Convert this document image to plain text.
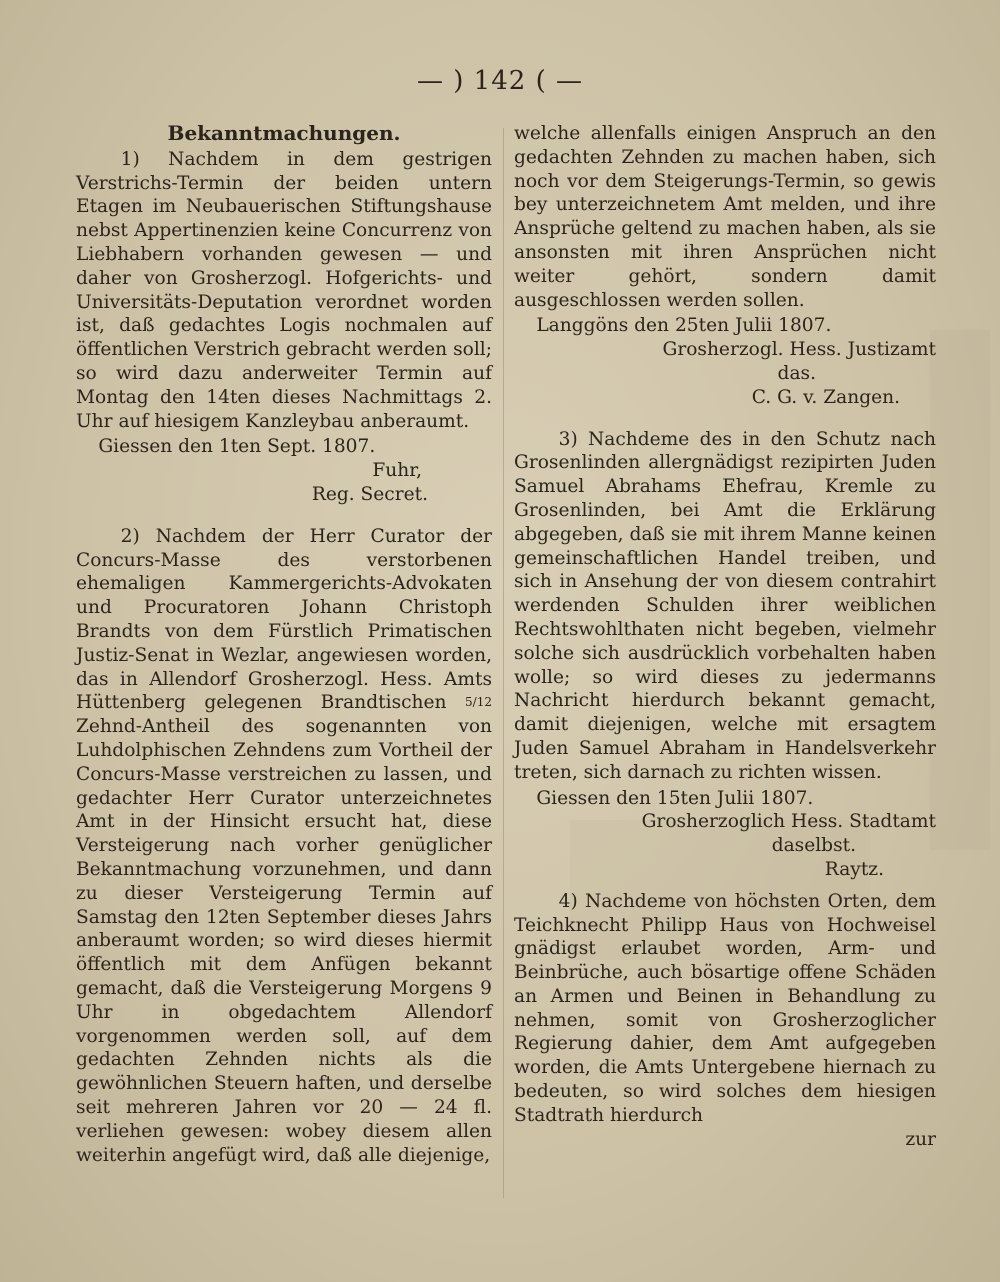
— ) 142 ( —
Bekanntmachungen.

1) Nachdem in dem gestrigen Verstrichs-Termin der beiden untern Etagen im Neubauerischen Stiftungshause nebst Appertinenzien keine Concurrenz von Liebhabern vorhanden gewesen — und daher von Grosherzogl. Hofgerichts- und Universitäts-Deputation verordnet worden ist, daß gedachtes Logis nochmalen auf öffentlichen Verstrich gebracht werden soll; so wird dazu anderweiter Termin auf Montag den 14ten dieses Nachmittags 2. Uhr auf hiesigem Kanzleybau anberaumt.

Giessen den 1ten Sept. 1807.

Fuhr,

Reg. Secret.

2) Nachdem der Herr Curator der Concurs-Masse des verstorbenen ehemaligen Kammergerichts-Advokaten und Procuratoren Johann Christoph Brandts von dem Fürstlich Primatischen Justiz-Senat in Wezlar, angewiesen worden, das in Allendorf Grosherzogl. Hess. Amts Hüttenberg gelegenen Brandtischen 5/12 Zehnd-Antheil des sogenannten von Luhdolphischen Zehndens zum Vortheil der Concurs-Masse verstreichen zu lassen, und gedachter Herr Curator unterzeichnetes Amt in der Hinsicht ersucht hat, diese Versteigerung nach vorher genüglicher Bekanntmachung vorzunehmen, und dann zu dieser Versteigerung Termin auf Samstag den 12ten September dieses Jahrs anberaumt worden; so wird dieses hiermit öffentlich mit dem Anfügen bekannt gemacht, daß die Versteigerung Morgens 9 Uhr in obgedachtem Allendorf vorgenommen werden soll, auf dem gedachten Zehnden nichts als die gewöhnlichen Steuern haften, und derselbe seit mehreren Jahren vor 20 — 24 fl. verliehen gewesen: wobey diesem allen weiterhin angefügt wird, daß alle diejenige,

welche allenfalls einigen Anspruch an den gedachten Zehnden zu machen haben, sich noch vor dem Steigerungs-Termin, so gewis bey unterzeichnetem Amt melden, und ihre Ansprüche geltend zu machen haben, als sie ansonsten mit ihren Ansprüchen nicht weiter gehört, sondern damit ausgeschlossen werden sollen.

Langgöns den 25ten Julii 1807.

Grosherzogl. Hess. Justizamt

das.

C. G. v. Zangen.

3) Nachdeme des in den Schutz nach Grosenlinden allergnädigst rezipirten Juden Samuel Abrahams Ehefrau, Kremle zu Grosenlinden, bei Amt die Erklärung abgegeben, daß sie mit ihrem Manne keinen gemeinschaftlichen Handel treiben, und sich in Ansehung der von diesem contrahirt werdenden Schulden ihrer weiblichen Rechtswohlthaten nicht begeben, vielmehr solche sich ausdrücklich vorbehalten haben wolle; so wird dieses zu jedermanns Nachricht hierdurch bekannt gemacht, damit diejenigen, welche mit ersagtem Juden Samuel Abraham in Handelsverkehr treten, sich darnach zu richten wissen.

Giessen den 15ten Julii 1807.

Grosherzoglich Hess. Stadtamt

daselbst.

Raytz.

4) Nachdeme von höchsten Orten, dem Teichknecht Philipp Haus von Hochweisel gnädigst erlaubet worden, Arm- und Beinbrüche, auch bösartige offene Schäden an Armen und Beinen in Behandlung zu nehmen, somit von Grosherzoglicher Regierung dahier, dem Amt aufgegeben worden, die Amts Untergebene hiernach zu bedeuten, so wird solches dem hiesigen Stadtrath hierdurch

zur
